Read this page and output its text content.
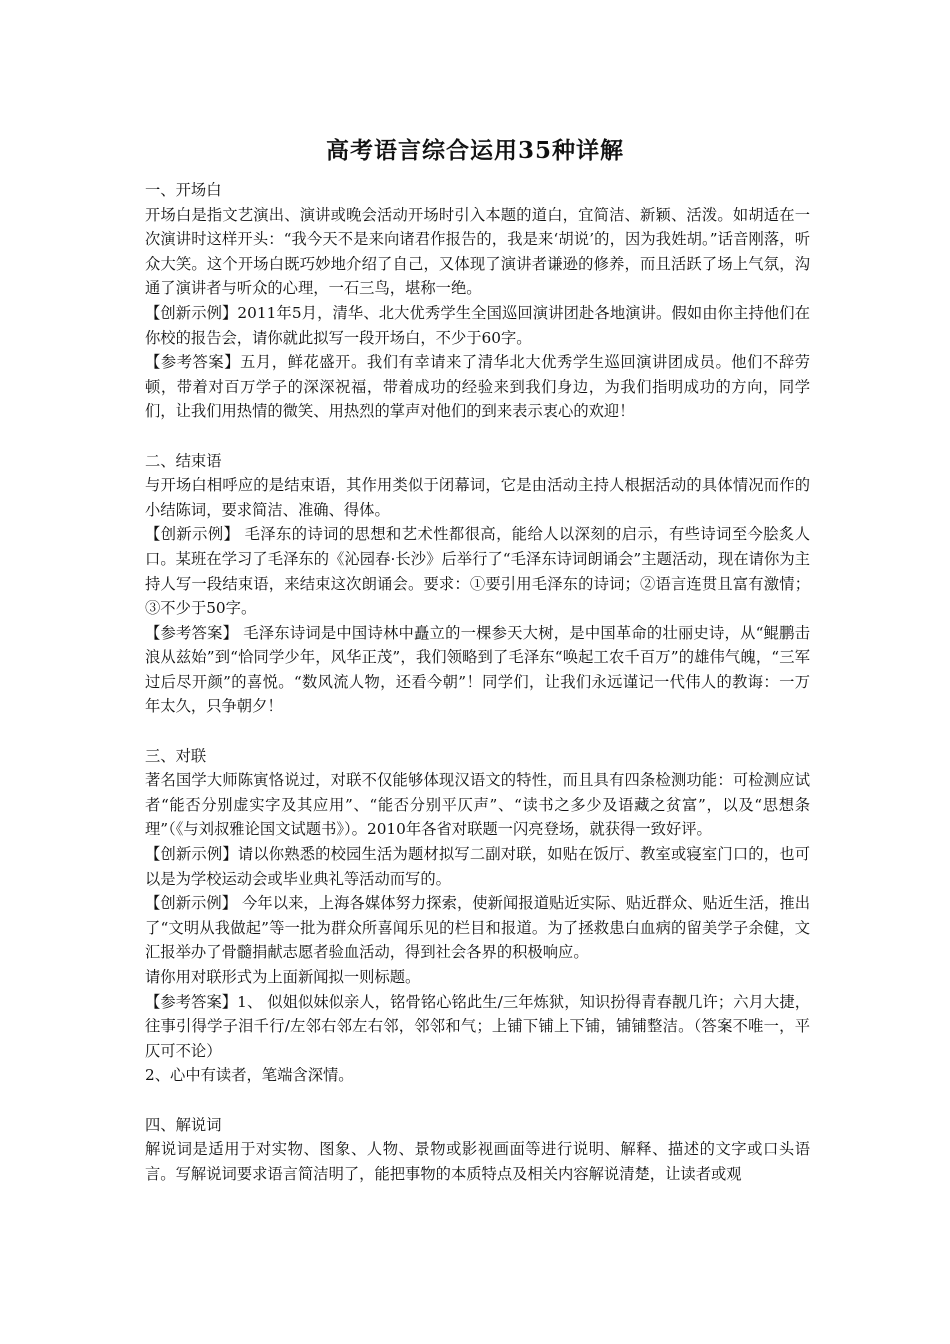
高考语言综合运用35种详解

一、开场白

开场白是指文艺演出、演讲或晚会活动开场时引入本题的道白，宜简洁、新颖、活泼。如胡适在一次演讲时这样开头：“我今天不是来向诸君作报告的，我是来‘胡说’的，因为我姓胡。”话音刚落，听众大笑。这个开场白既巧妙地介绍了自己，又体现了演讲者谦逊的修养，而且活跃了场上气氛，沟通了演讲者与听众的心理，一石三鸟，堪称一绝。

【创新示例】2011年5月，清华、北大优秀学生全国巡回演讲团赴各地演讲。假如由你主持他们在你校的报告会，请你就此拟写一段开场白，不少于60字。

【参考答案】五月，鲜花盛开。我们有幸请来了清华北大优秀学生巡回演讲团成员。他们不辞劳顿，带着对百万学子的深深祝福，带着成功的经验来到我们身边，为我们指明成功的方向，同学们，让我们用热情的微笑、用热烈的掌声对他们的到来表示衷心的欢迎！

二、结束语

与开场白相呼应的是结束语，其作用类似于闭幕词，它是由活动主持人根据活动的具体情况而作的小结陈词，要求简洁、准确、得体。

【创新示例】 毛泽东的诗词的思想和艺术性都很高，能给人以深刻的启示，有些诗词至今脍炙人口。某班在学习了毛泽东的《沁园春·长沙》后举行了“毛泽东诗词朗诵会”主题活动，现在请你为主持人写一段结束语，来结束这次朗诵会。要求：①要引用毛泽东的诗词；②语言连贯且富有激情；③不少于50字。

【参考答案】 毛泽东诗词是中国诗林中矗立的一棵参天大树，是中国革命的壮丽史诗，从“鲲鹏击浪从兹始”到“恰同学少年，风华正茂”，我们领略到了毛泽东“唤起工农千百万”的雄伟气魄，“三军过后尽开颜”的喜悦。“数风流人物，还看今朝”！同学们，让我们永远谨记一代伟人的教诲：一万年太久，只争朝夕！

三、对联

著名国学大师陈寅恪说过，对联不仅能够体现汉语文的特性，而且具有四条检测功能：可检测应试者“能否分别虚实字及其应用”、“能否分别平仄声”、“读书之多少及语藏之贫富”，以及“思想条理”（《与刘叔雅论国文试题书》）。2010年各省对联题一闪亮登场，就获得一致好评。

【创新示例】请以你熟悉的校园生活为题材拟写二副对联，如贴在饭厅、教室或寝室门口的，也可以是为学校运动会或毕业典礼等活动而写的。

【创新示例】 今年以来，上海各媒体努力探索，使新闻报道贴近实际、贴近群众、贴近生活，推出了“文明从我做起”等一批为群众所喜闻乐见的栏目和报道。为了拯救患白血病的留美学子余健，文汇报举办了骨髓捐献志愿者验血活动，得到社会各界的积极响应。

请你用对联形式为上面新闻拟一则标题。

【参考答案】1、 似姐似妹似亲人，铭骨铭心铭此生/三年炼狱，知识扮得青春靓几许；六月大捷，往事引得学子泪千行/左邻右邻左右邻，邻邻和气；上铺下铺上下铺，铺铺整洁。（答案不唯一，平仄可不论）

2、心中有读者，笔端含深情。

四、解说词

解说词是适用于对实物、图象、人物、景物或影视画面等进行说明、解释、描述的文字或口头语言。写解说词要求语言简洁明了，能把事物的本质特点及相关内容解说清楚，让读者或观
